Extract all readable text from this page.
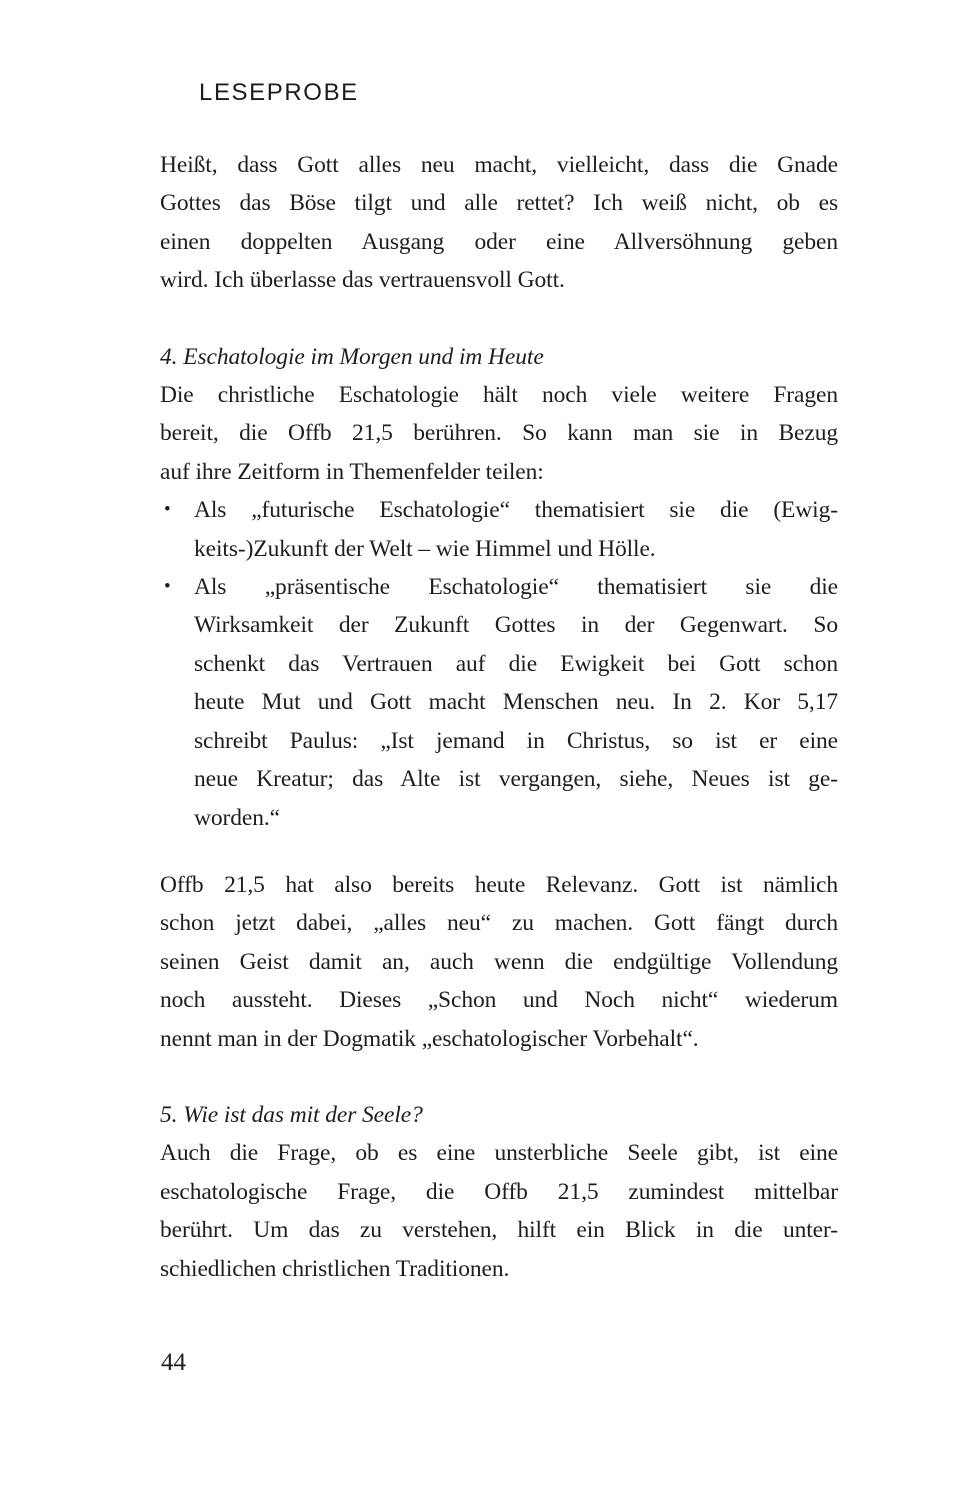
LESEPROBE
Heißt, dass Gott alles neu macht, vielleicht, dass die Gnade
Gottes das Böse tilgt und alle rettet? Ich weiß nicht, ob es
einen doppelten Ausgang oder eine Allversöhnung geben
wird. Ich überlasse das vertrauensvoll Gott.
4. Eschatologie im Morgen und im Heute
Die christliche Eschatologie hält noch viele weitere Fragen
bereit, die Offb 21,5 berühren. So kann man sie in Bezug
auf ihre Zeitform in Themenfelder teilen:
• Als „futurische Eschatologie“ thematisiert sie die (Ewig-
keits-)Zukunft der Welt – wie Himmel und Hölle.
• Als „präsentische Eschatologie“ thematisiert sie die
Wirksamkeit der Zukunft Gottes in der Gegenwart. So
schenkt das Vertrauen auf die Ewigkeit bei Gott schon
heute Mut und Gott macht Menschen neu. In 2. Kor 5,17
schreibt Paulus: „Ist jemand in Christus, so ist er eine
neue Kreatur; das Alte ist vergangen, siehe, Neues ist ge-
worden.“
Offb 21,5 hat also bereits heute Relevanz. Gott ist nämlich
schon jetzt dabei, „alles neu“ zu machen. Gott fängt durch
seinen Geist damit an, auch wenn die endgültige Vollendung
noch aussteht. Dieses „Schon und Noch nicht“ wiederum
nennt man in der Dogmatik „eschatologischer Vorbehalt“.
5. Wie ist das mit der Seele?
Auch die Frage, ob es eine unsterbliche Seele gibt, ist eine
eschatologische Frage, die Offb 21,5 zumindest mittelbar
berührt. Um das zu verstehen, hilft ein Blick in die unter-
schiedlichen christlichen Traditionen.
44
